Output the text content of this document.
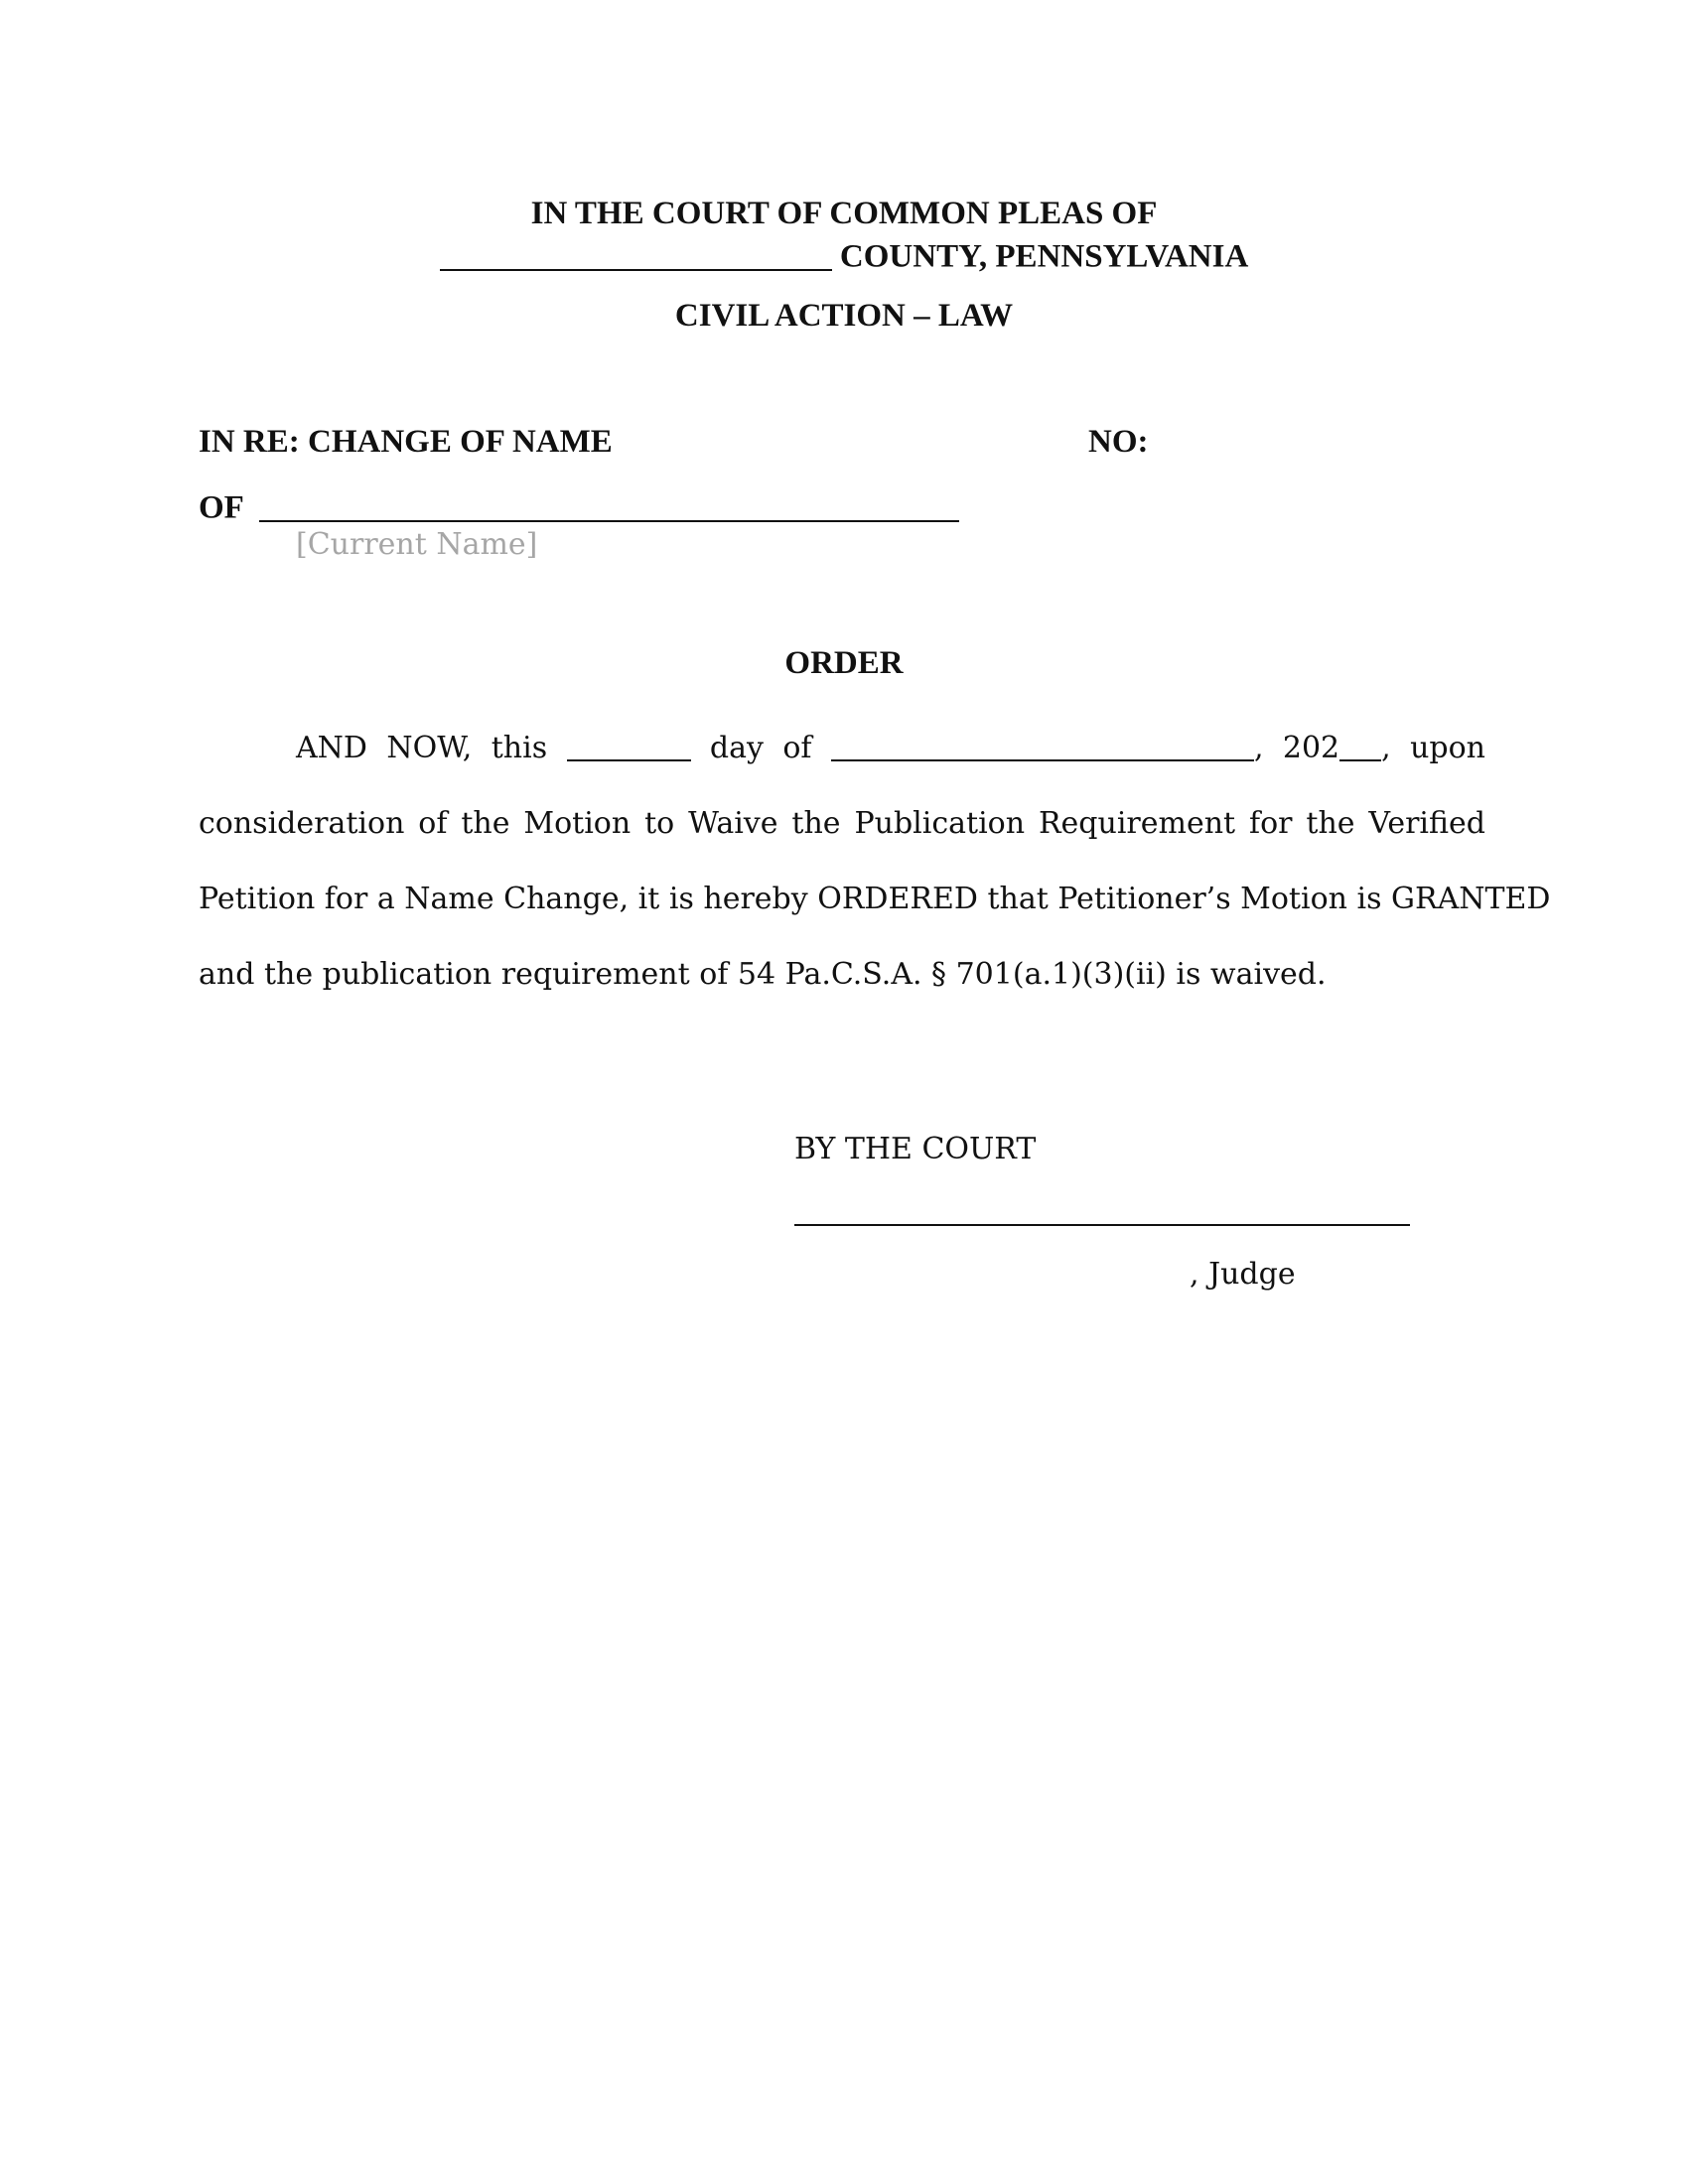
IN THE COURT OF COMMON PLEAS OF
COUNTY, PENNSYLVANIA
CIVIL ACTION – LAW
IN RE: CHANGE OF NAME	NO:
OF
[Current Name]
ORDER
AND NOW, this	day of	, 202 , upon
consideration of the Motion to Waive the Publication Requirement for the Verified
Petition for a Name Change, it is hereby ORDERED that Petitioner’s Motion is GRANTED
and the publication requirement of 54 Pa.C.S.A. § 701(a.1)(3)(ii) is waived.
BY THE COURT
, Judge
